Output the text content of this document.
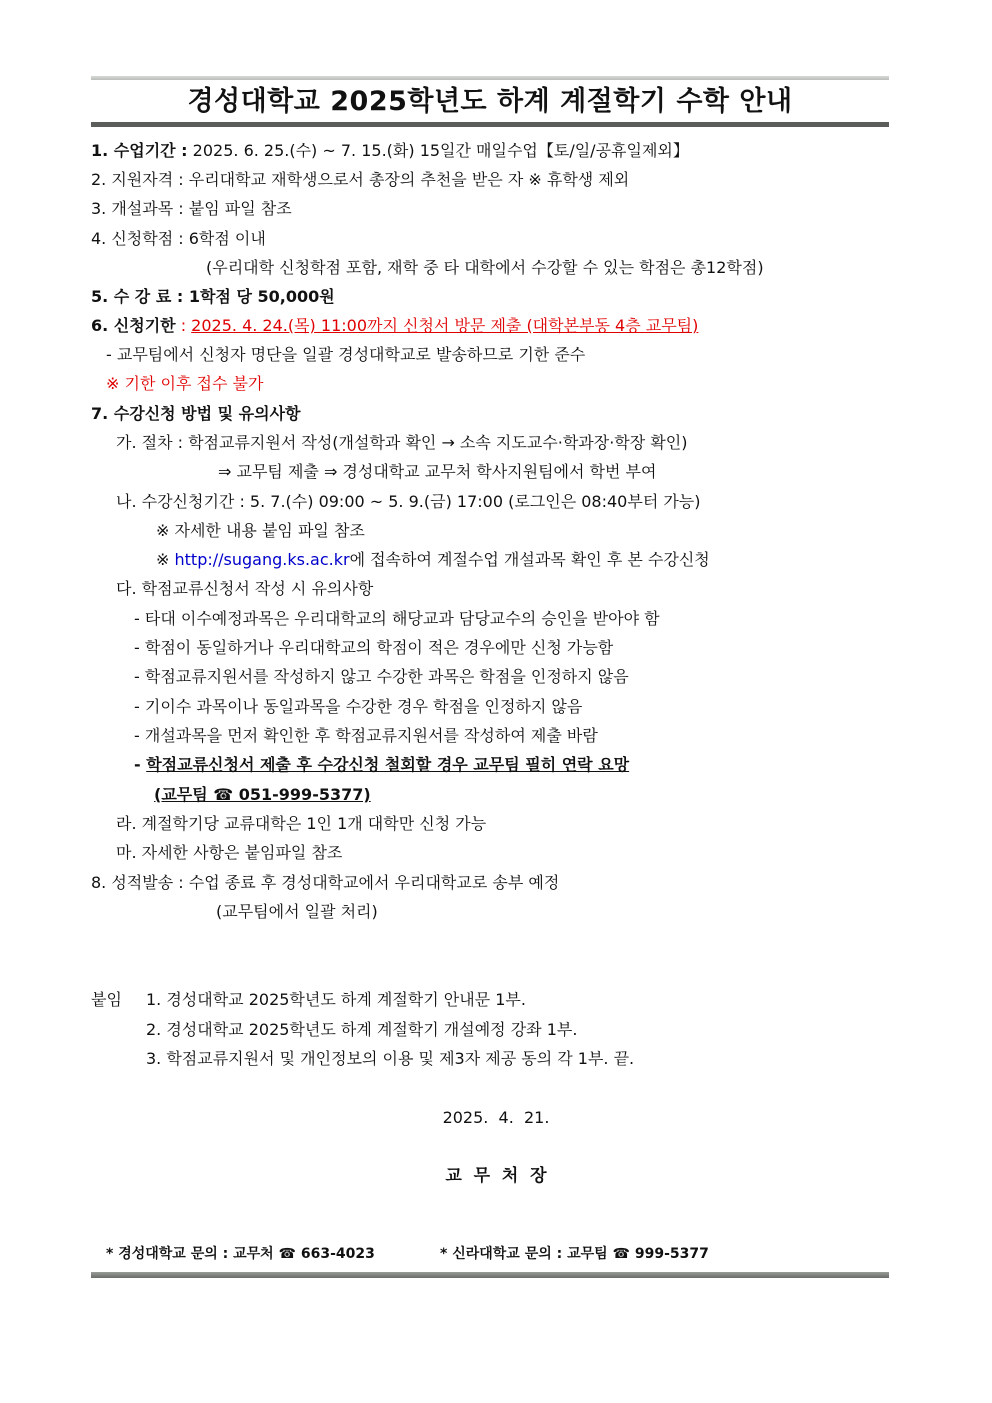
경성대학교 2025학년도 하계 계절학기 수학 안내
1. 수업기간 : 2025. 6. 25.(수) ~ 7. 15.(화) 15일간 매일수업【토/일/공휴일제외】
2. 지원자격 : 우리대학교 재학생으로서 총장의 추천을 받은 자 ※ 휴학생 제외
3. 개설과목 : 붙임 파일 참조
4. 신청학점 : 6학점 이내
(우리대학 신청학점 포함, 재학 중 타 대학에서 수강할 수 있는 학점은 총12학점)
5. 수 강 료 : 1학점 당 50,000원
6. 신청기한 : 2025. 4. 24.(목) 11:00까지 신청서 방문 제출 (대학본부동 4층 교무팀)
- 교무팀에서 신청자 명단을 일괄 경성대학교로 발송하므로 기한 준수
※ 기한 이후 접수 불가
7. 수강신청 방법 및 유의사항
가. 절차 : 학점교류지원서 작성(개설학과 확인 → 소속 지도교수·학과장·학장 확인)
⇒ 교무팀 제출 ⇒ 경성대학교 교무처 학사지원팀에서 학번 부여
나. 수강신청기간 : 5. 7.(수) 09:00 ~ 5. 9.(금) 17:00 (로그인은 08:40부터 가능)
※ 자세한 내용 붙임 파일 참조
※ http://sugang.ks.ac.kr에 접속하여 계절수업 개설과목 확인 후 본 수강신청
다. 학점교류신청서 작성 시 유의사항
- 타대 이수예정과목은 우리대학교의 해당교과 담당교수의 승인을 받아야 함
- 학점이 동일하거나 우리대학교의 학점이 적은 경우에만 신청 가능함
- 학점교류지원서를 작성하지 않고 수강한 과목은 학점을 인정하지 않음
- 기이수 과목이나 동일과목을 수강한 경우 학점을 인정하지 않음
- 개설과목을 먼저 확인한 후 학점교류지원서를 작성하여 제출 바람
- 학점교류신청서 제출 후 수강신청 철회할 경우 교무팀 필히 연락 요망
(교무팀 ☎ 051-999-5377)
라. 계절학기당 교류대학은 1인 1개 대학만 신청 가능
마. 자세한 사항은 붙임파일 참조
8. 성적발송 : 수업 종료 후 경성대학교에서 우리대학교로 송부 예정
(교무팀에서 일괄 처리)
붙임 1. 경성대학교 2025학년도 하계 계절학기 안내문 1부.
2. 경성대학교 2025학년도 하계 계절학기 개설예정 강좌 1부.
3. 학점교류지원서 및 개인정보의 이용 및 제3자 제공 동의 각 1부. 끝.
2025.  4.  21.
교  무  처  장
* 경성대학교 문의 : 교무처 ☎ 663-4023	* 신라대학교 문의 : 교무팀 ☎ 999-5377
